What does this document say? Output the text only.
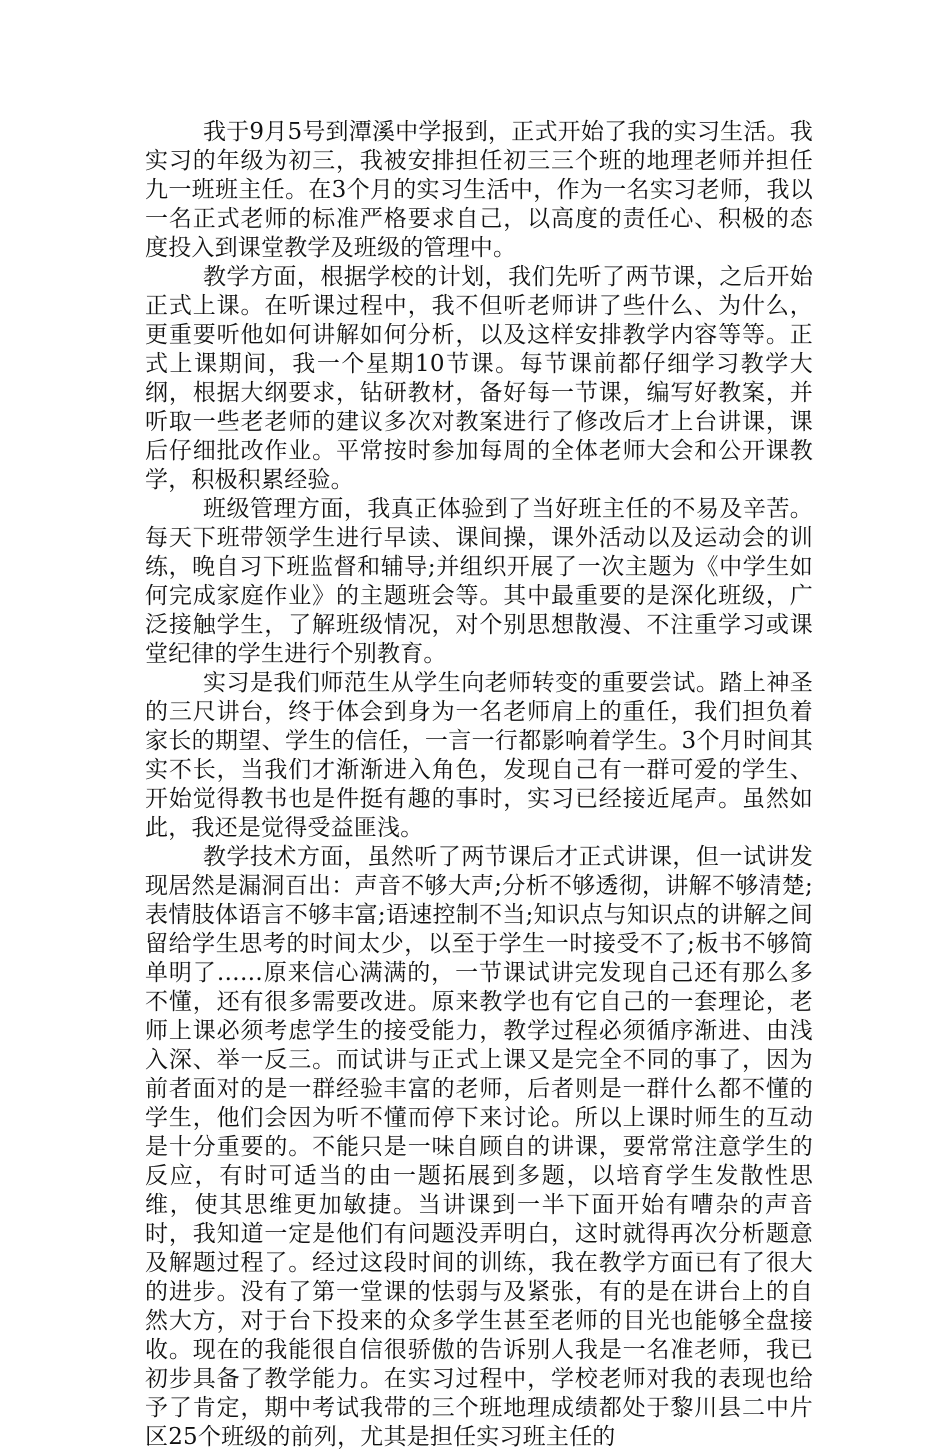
我于9月5号到潭溪中学报到，正式开始了我的实习生活。我实习的年级为初三，我被安排担任初三三个班的地理老师并担任九一班班主任。在3个月的实习生活中，作为一名实习老师，我以一名正式老师的标准严格要求自己，以高度的责任心、积极的态度投入到课堂教学及班级的管理中。

教学方面，根据学校的计划，我们先听了两节课，之后开始正式上课。在听课过程中，我不但听老师讲了些什么、为什么，更重要听他如何讲解如何分析，以及这样安排教学内容等等。正式上课期间，我一个星期10节课。每节课前都仔细学习教学大纲，根据大纲要求，钻研教材，备好每一节课，编写好教案，并听取一些老老师的建议多次对教案进行了修改后才上台讲课，课后仔细批改作业。平常按时参加每周的全体老师大会和公开课教学，积极积累经验。

班级管理方面，我真正体验到了当好班主任的不易及辛苦。每天下班带领学生进行早读、课间操，课外活动以及运动会的训练，晚自习下班监督和辅导;并组织开展了一次主题为《中学生如何完成家庭作业》的主题班会等。其中最重要的是深化班级，广泛接触学生，了解班级情况，对个别思想散漫、不注重学习或课堂纪律的学生进行个别教育。

实习是我们师范生从学生向老师转变的重要尝试。踏上神圣的三尺讲台，终于体会到身为一名老师肩上的重任，我们担负着家长的期望、学生的信任，一言一行都影响着学生。3个月时间其实不长，当我们才渐渐进入角色，发现自己有一群可爱的学生、开始觉得教书也是件挺有趣的事时，实习已经接近尾声。虽然如此，我还是觉得受益匪浅。

教学技术方面，虽然听了两节课后才正式讲课，但一试讲发现居然是漏洞百出：声音不够大声;分析不够透彻，讲解不够清楚;表情肢体语言不够丰富;语速控制不当;知识点与知识点的讲解之间留给学生思考的时间太少，以至于学生一时接受不了;板书不够简单明了……原来信心满满的，一节课试讲完发现自己还有那么多不懂，还有很多需要改进。原来教学也有它自己的一套理论，老师上课必须考虑学生的接受能力，教学过程必须循序渐进、由浅入深、举一反三。而试讲与正式上课又是完全不同的事了，因为前者面对的是一群经验丰富的老师，后者则是一群什么都不懂的学生，他们会因为听不懂而停下来讨论。所以上课时师生的互动是十分重要的。不能只是一味自顾自的讲课，要常常注意学生的反应，有时可适当的由一题拓展到多题，以培育学生发散性思维，使其思维更加敏捷。当讲课到一半下面开始有嘈杂的声音时，我知道一定是他们有问题没弄明白，这时就得再次分析题意及解题过程了。经过这段时间的训练，我在教学方面已有了很大的进步。没有了第一堂课的怯弱与及紧张，有的是在讲台上的自然大方，对于台下投来的众多学生甚至老师的目光也能够全盘接收。现在的我能很自信很骄傲的告诉别人我是一名准老师，我已初步具备了教学能力。在实习过程中，学校老师对我的表现也给予了肯定，期中考试我带的三个班地理成绩都处于黎川县二中片区25个班级的前列，尤其是担任实习班主任的
